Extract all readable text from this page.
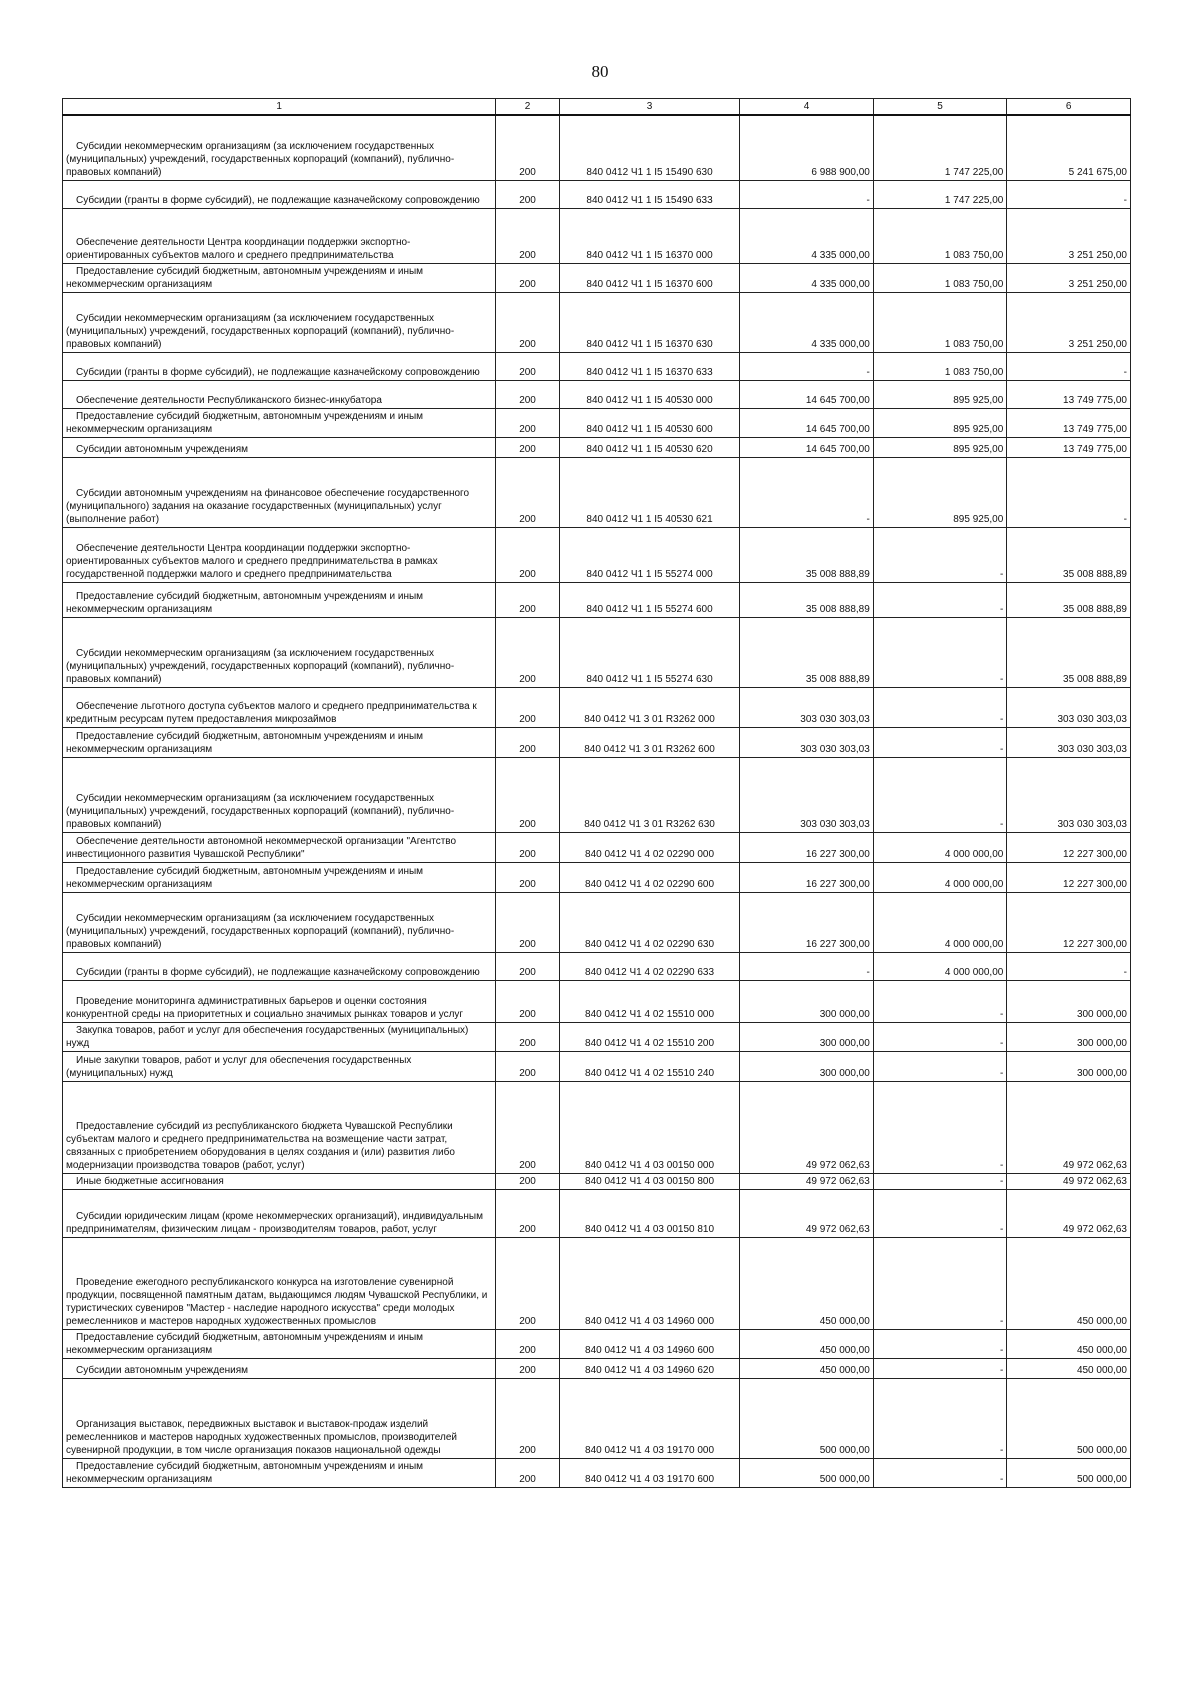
80
1	2	3	4	5	6

Субсидии некоммерческим организациям (за исключением государственных (муниципальных) учреждений, государственных корпораций (компаний), публично-правовых компаний)	200	840 0412 Ч1 1 I5 15490 630	6 988 900,00	1 747 225,00	5 241 675,00

Субсидии (гранты в форме субсидий), не подлежащие казначейскому сопровождению	200	840 0412 Ч1 1 I5 15490 633	-	1 747 225,00	-

Обеспечение деятельности Центра координации поддержки экспортно-ориентированных субъектов малого и среднего предпринимательства	200	840 0412 Ч1 1 I5 16370 000	4 335 000,00	1 083 750,00	3 251 250,00

Предоставление субсидий бюджетным, автономным учреждениям и иным некоммерческим организациям	200	840 0412 Ч1 1 I5 16370 600	4 335 000,00	1 083 750,00	3 251 250,00

Субсидии некоммерческим организациям (за исключением государственных (муниципальных) учреждений, государственных корпораций (компаний), публично-правовых компаний)	200	840 0412 Ч1 1 I5 16370 630	4 335 000,00	1 083 750,00	3 251 250,00

Субсидии (гранты в форме субсидий), не подлежащие казначейскому сопровождению	200	840 0412 Ч1 1 I5 16370 633	-	1 083 750,00	-

Обеспечение деятельности Республиканского бизнес-инкубатора	200	840 0412 Ч1 1 I5 40530 000	14 645 700,00	895 925,00	13 749 775,00

Предоставление субсидий бюджетным, автономным учреждениям и иным некоммерческим организациям	200	840 0412 Ч1 1 I5 40530 600	14 645 700,00	895 925,00	13 749 775,00

Субсидии автономным учреждениям	200	840 0412 Ч1 1 I5 40530 620	14 645 700,00	895 925,00	13 749 775,00

Субсидии автономным учреждениям на финансовое обеспечение государственного (муниципального) задания на оказание государственных (муниципальных) услуг (выполнение работ)	200	840 0412 Ч1 1 I5 40530 621	-	895 925,00	-

Обеспечение деятельности Центра координации поддержки экспортно-ориентированных субъектов малого и среднего предпринимательства в рамках государственной поддержки малого и среднего предпринимательства	200	840 0412 Ч1 1 I5 55274 000	35 008 888,89	-	35 008 888,89

Предоставление субсидий бюджетным, автономным учреждениям и иным некоммерческим организациям	200	840 0412 Ч1 1 I5 55274 600	35 008 888,89	-	35 008 888,89

Субсидии некоммерческим организациям (за исключением государственных (муниципальных) учреждений, государственных корпораций (компаний), публично-правовых компаний)	200	840 0412 Ч1 1 I5 55274 630	35 008 888,89	-	35 008 888,89

Обеспечение льготного доступа субъектов малого и среднего предпринимательства к кредитным ресурсам путем предоставления микрозаймов	200	840 0412 Ч1 3 01 R3262 000	303 030 303,03	-	303 030 303,03

Предоставление субсидий бюджетным, автономным учреждениям и иным некоммерческим организациям	200	840 0412 Ч1 3 01 R3262 600	303 030 303,03	-	303 030 303,03

Субсидии некоммерческим организациям (за исключением государственных (муниципальных) учреждений, государственных корпораций (компаний), публично-правовых компаний)	200	840 0412 Ч1 3 01 R3262 630	303 030 303,03	-	303 030 303,03

Обеспечение деятельности автономной некоммерческой организации "Агентство инвестиционного развития Чувашской Республики"	200	840 0412 Ч1 4 02 02290 000	16 227 300,00	4 000 000,00	12 227 300,00

Предоставление субсидий бюджетным, автономным учреждениям и иным некоммерческим организациям	200	840 0412 Ч1 4 02 02290 600	16 227 300,00	4 000 000,00	12 227 300,00

Субсидии некоммерческим организациям (за исключением государственных (муниципальных) учреждений, государственных корпораций (компаний), публично-правовых компаний)	200	840 0412 Ч1 4 02 02290 630	16 227 300,00	4 000 000,00	12 227 300,00

Субсидии (гранты в форме субсидий), не подлежащие казначейскому сопровождению	200	840 0412 Ч1 4 02 02290 633	-	4 000 000,00	-

Проведение мониторинга административных барьеров и оценки состояния конкурентной среды на приоритетных и социально значимых рынках товаров и услуг	200	840 0412 Ч1 4 02 15510 000	300 000,00	-	300 000,00

Закупка товаров, работ и услуг для обеспечения государственных (муниципальных) нужд	200	840 0412 Ч1 4 02 15510 200	300 000,00	-	300 000,00

Иные закупки товаров, работ и услуг для обеспечения государственных (муниципальных) нужд	200	840 0412 Ч1 4 02 15510 240	300 000,00	-	300 000,00

Предоставление субсидий из республиканского бюджета Чувашской Республики субъектам малого и среднего предпринимательства на возмещение части затрат, связанных с приобретением оборудования в целях создания и (или) развития либо модернизации производства товаров (работ, услуг)	200	840 0412 Ч1 4 03 00150 000	49 972 062,63	-	49 972 062,63

Иные бюджетные ассигнования	200	840 0412 Ч1 4 03 00150 800	49 972 062,63	-	49 972 062,63

Субсидии юридическим лицам (кроме некоммерческих организаций), индивидуальным предпринимателям, физическим лицам - производителям товаров, работ, услуг	200	840 0412 Ч1 4 03 00150 810	49 972 062,63	-	49 972 062,63

Проведение ежегодного республиканского конкурса на изготовление сувенирной продукции, посвященной памятным датам, выдающимся людям Чувашской Республики, и туристических сувениров "Мастер - наследие народного искусства" среди молодых ремесленников и мастеров народных художественных промыслов	200	840 0412 Ч1 4 03 14960 000	450 000,00	-	450 000,00

Предоставление субсидий бюджетным, автономным учреждениям и иным некоммерческим организациям	200	840 0412 Ч1 4 03 14960 600	450 000,00	-	450 000,00

Субсидии автономным учреждениям	200	840 0412 Ч1 4 03 14960 620	450 000,00	-	450 000,00

Организация выставок, передвижных выставок и выставок-продаж изделий ремесленников и мастеров народных художественных промыслов, производителей сувенирной продукции, в том числе организация показов национальной одежды	200	840 0412 Ч1 4 03 19170 000	500 000,00	-	500 000,00

Предоставление субсидий бюджетным, автономным учреждениям и иным некоммерческим организациям	200	840 0412 Ч1 4 03 19170 600	500 000,00	-	500 000,00
